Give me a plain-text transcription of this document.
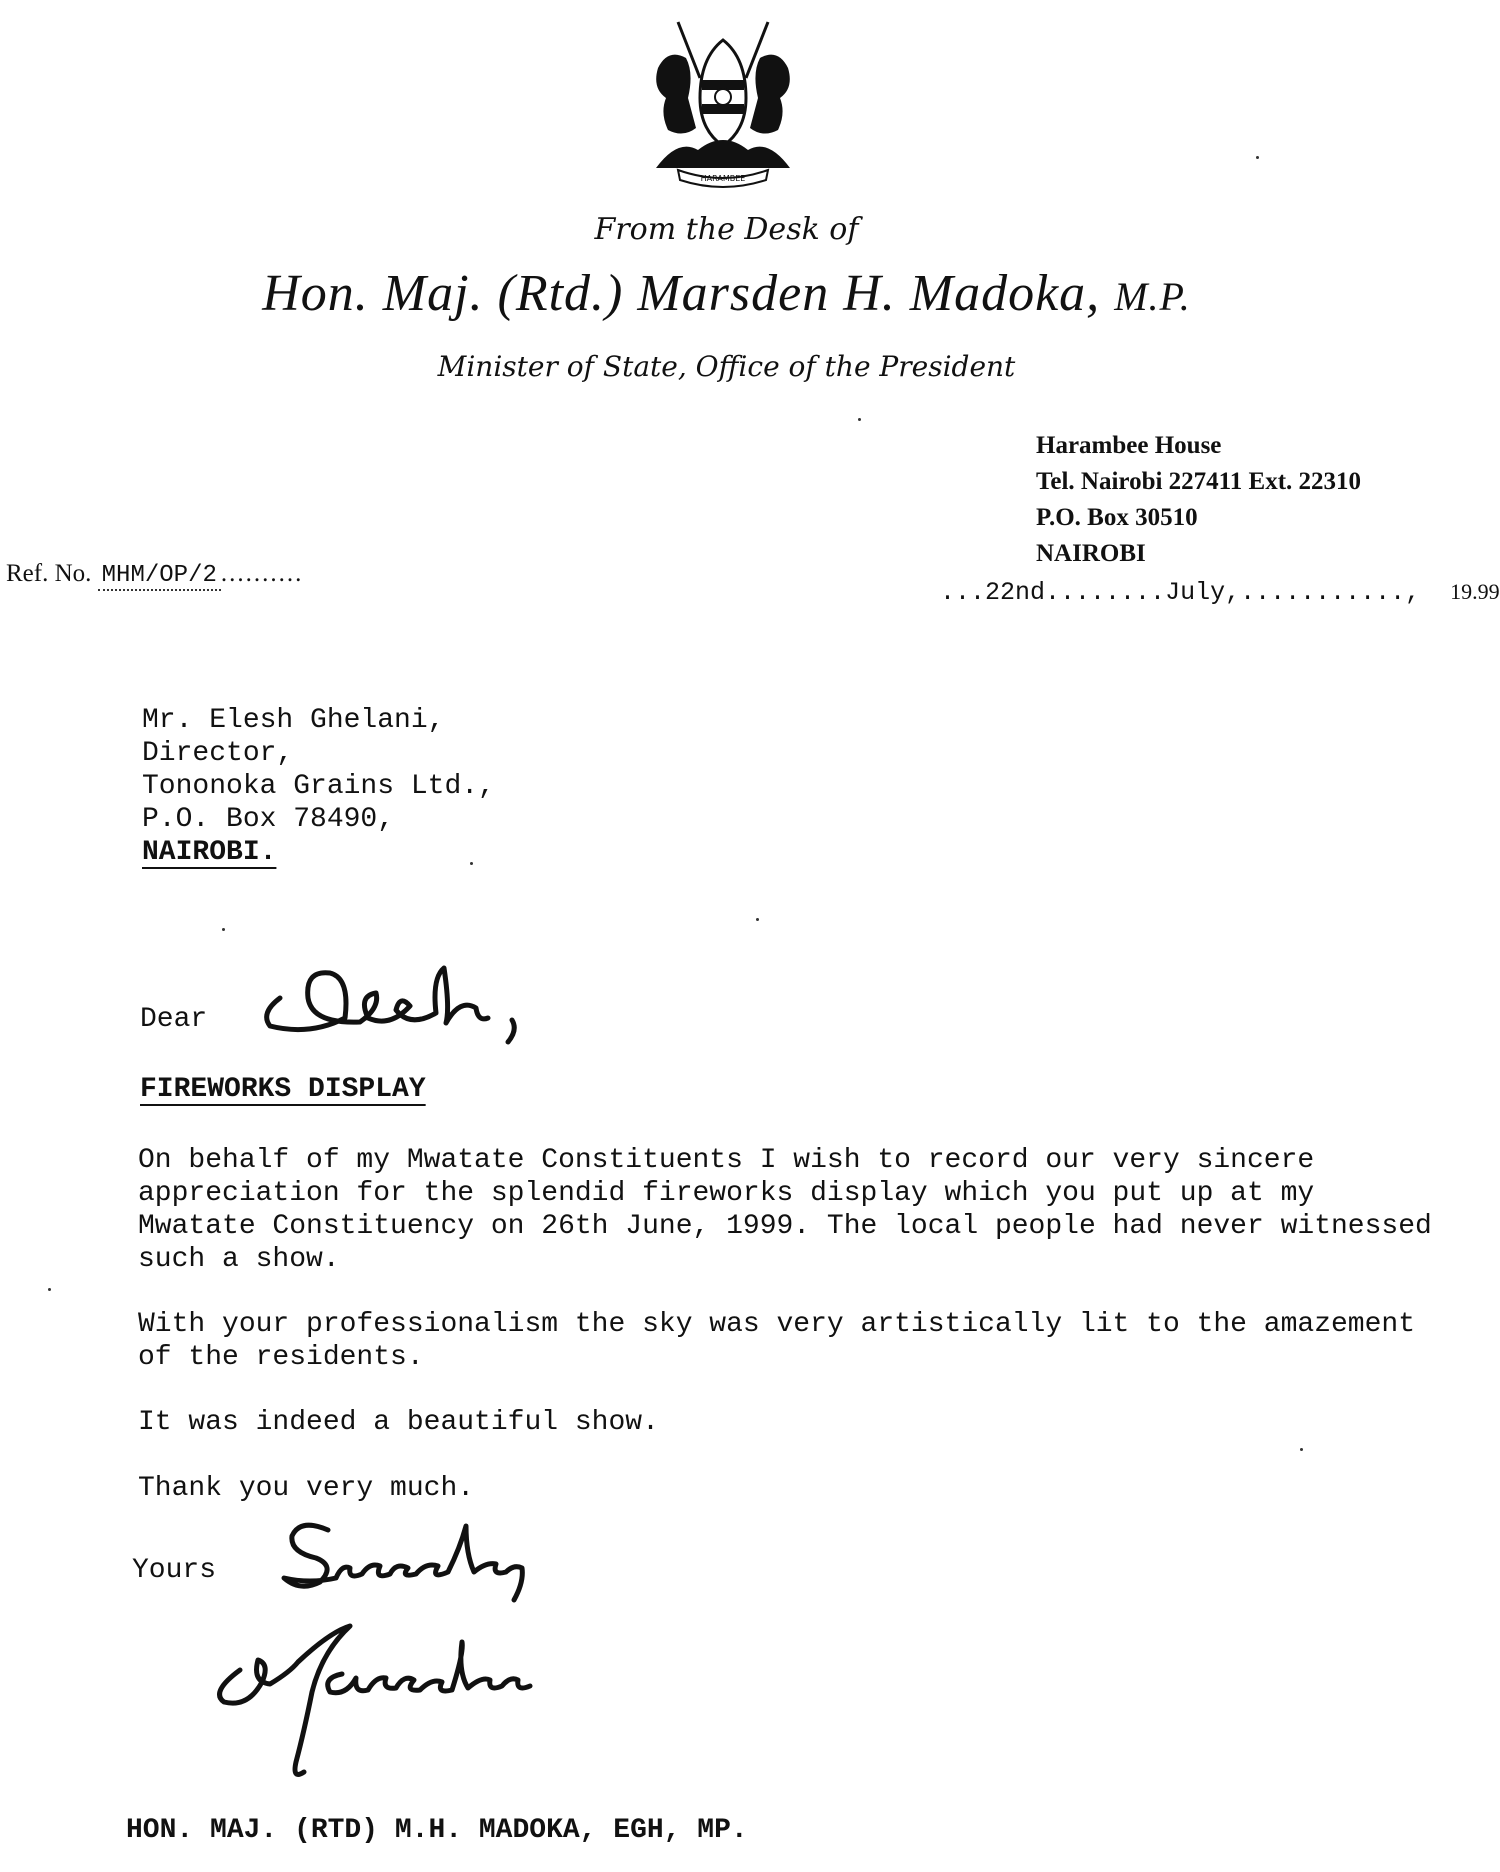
HARAMBEE
From the Desk of
Hon. Maj. (Rtd.) Marsden H. Madoka, M.P.
Minister of State, Office of the President
Harambee House
Tel. Nairobi 227411 Ext. 22310
P.O. Box 30510
NAIROBI
Ref. No. MHM/OP/2 ..........
...22nd........July,...........,  19.99
Mr. Elesh Ghelani,
Director,
Tononoka Grains Ltd.,
P.O. Box 78490,
NAIROBI.
Dear
FIREWORKS DISPLAY
On behalf of my Mwatate Constituents I wish to record our very sincere appreciation for the splendid fireworks display which you put up at my Mwatate Constituency on 26th June, 1999. The local people had never witnessed such a show.
With your professionalism the sky was very artistically lit to the amazement of the residents.
It was indeed a beautiful show.
Thank you very much.
Yours
HON. MAJ. (RTD) M.H. MADOKA, EGH, MP.
